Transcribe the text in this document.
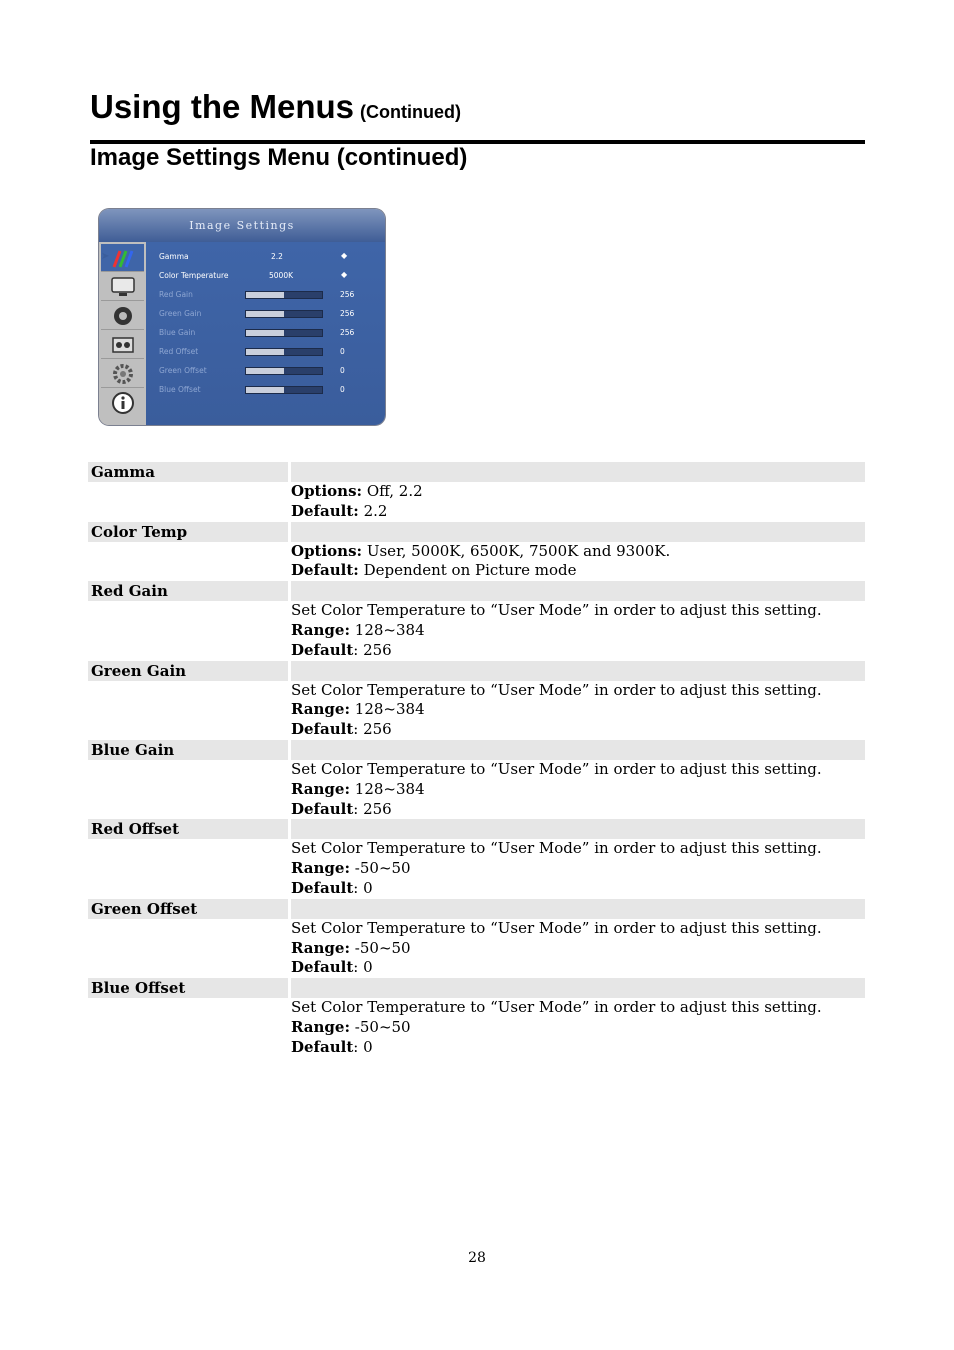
Using the Menus (Continued)
Image Settings Menu (continued)
Image Settings
➤	Gamma	2.2	◆
Color Temperature	5000K	◆
Red Gain	256
Green Gain	256
Blue Gain	256
Red Offset	0
Green Offset	0
Blue Offset	0
Gamma
Options: Off, 2.2
Default: 2.2
Color Temp
Options: User, 5000K, 6500K, 7500K and 9300K.
Default: Dependent on Picture mode
Red Gain
Set Color Temperature to “User Mode” in order to adjust this setting.
Range: 128~384
Default: 256
Green Gain
Set Color Temperature to “User Mode” in order to adjust this setting.
Range: 128~384
Default: 256
Blue Gain
Set Color Temperature to “User Mode” in order to adjust this setting.
Range: 128~384
Default: 256
Red Offset
Set Color Temperature to “User Mode” in order to adjust this setting.
Range: -50~50
Default: 0
Green Offset
Set Color Temperature to “User Mode” in order to adjust this setting.
Range: -50~50
Default: 0
Blue Offset
Set Color Temperature to “User Mode” in order to adjust this setting.
Range: -50~50
Default: 0
28
